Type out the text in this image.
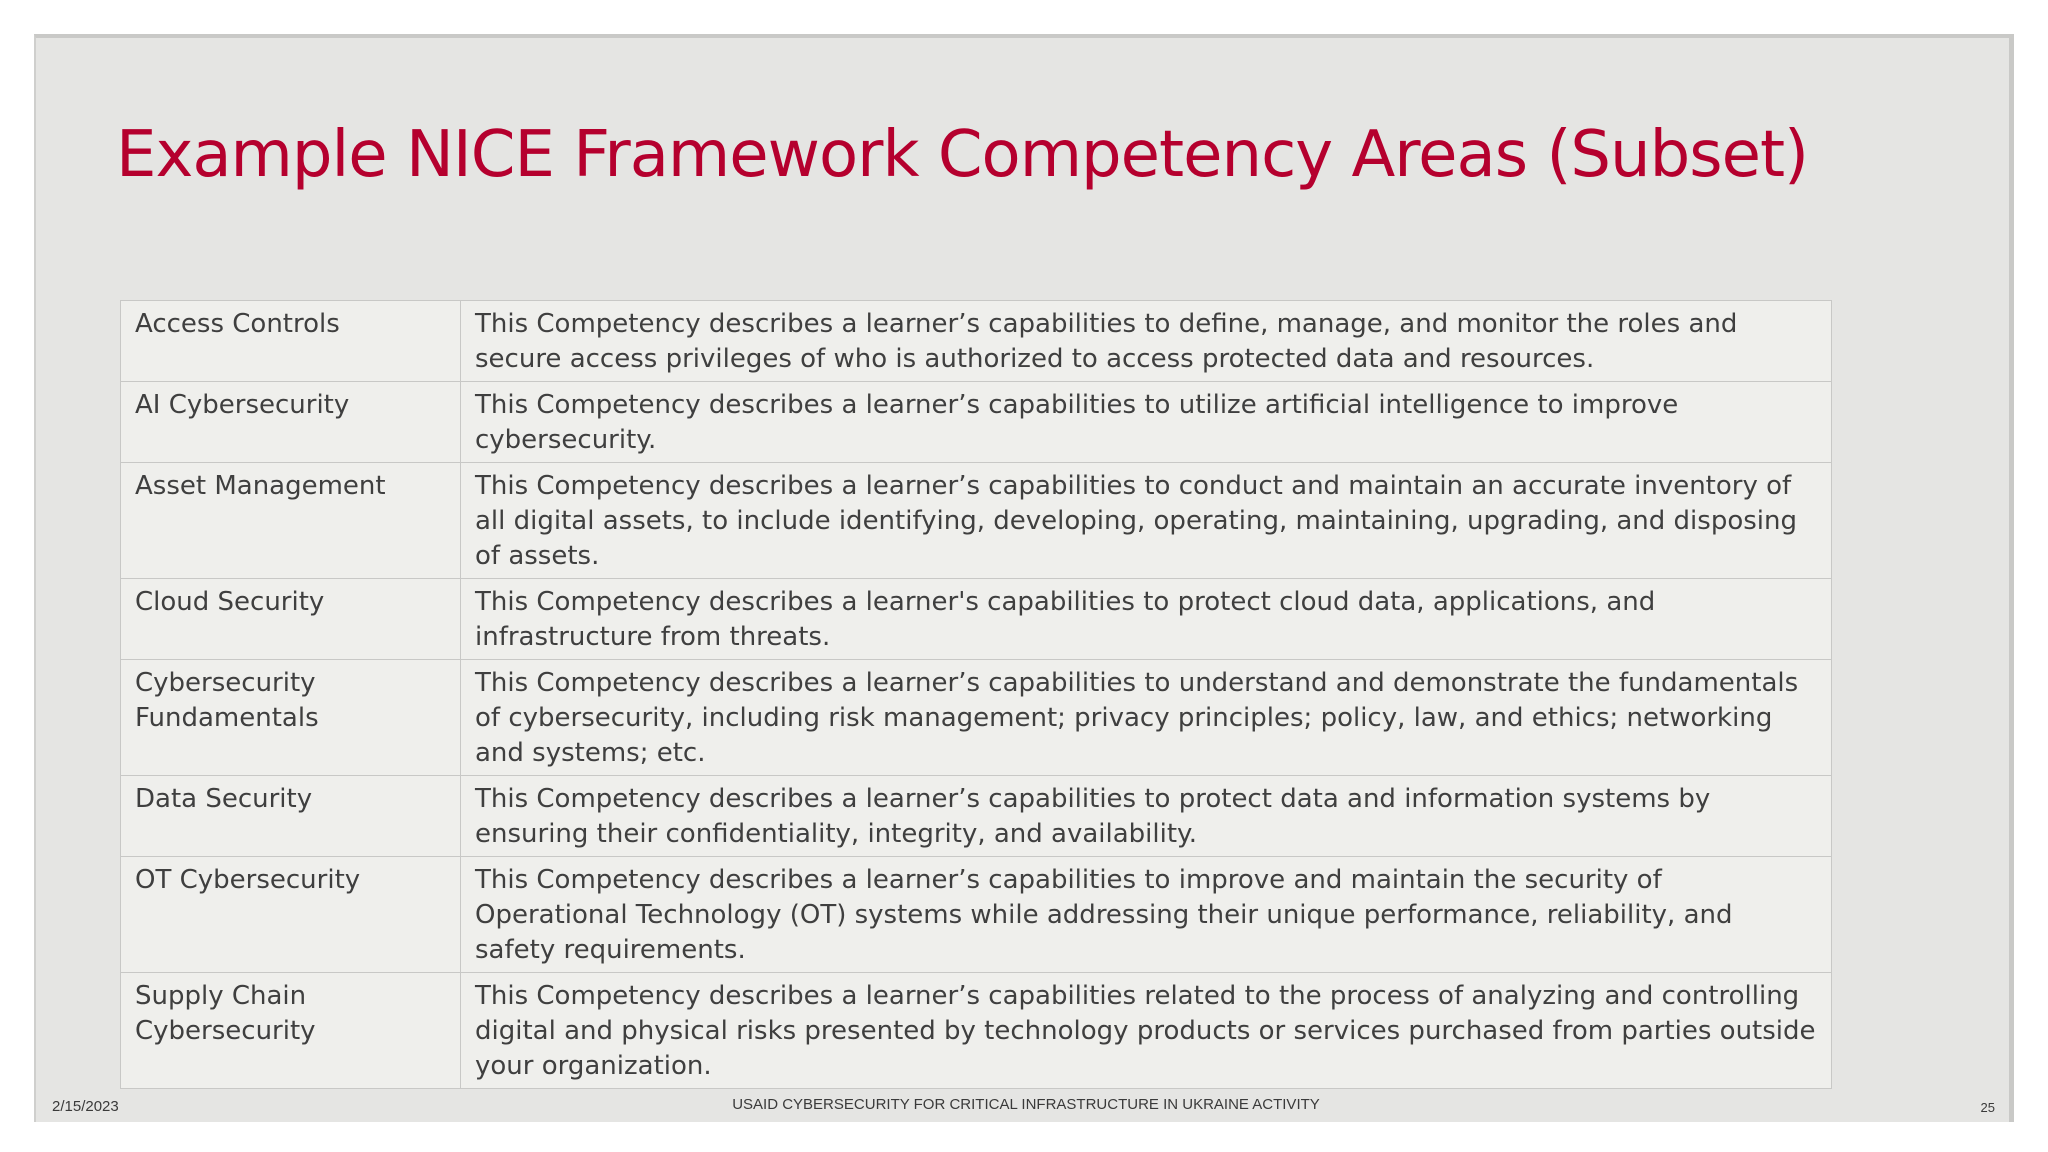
Example NICE Framework Competency Areas (Subset)
Access Controls	This Competency describes a learner’s capabilities to define, manage, and monitor the roles and secure access privileges of who is authorized to access protected data and resources.
AI Cybersecurity	This Competency describes a learner’s capabilities to utilize artificial intelligence to improve cybersecurity.
Asset Management	This Competency describes a learner’s capabilities to conduct and maintain an accurate inventory of all digital assets, to include identifying, developing, operating, maintaining, upgrading, and disposing of assets.
Cloud Security	This Competency describes a learner's capabilities to protect cloud data, applications, and infrastructure from threats.
Cybersecurity Fundamentals	This Competency describes a learner’s capabilities to understand and demonstrate the fundamentals of cybersecurity, including risk management; privacy principles; policy, law, and ethics; networking and systems; etc.
Data Security	This Competency describes a learner’s capabilities to protect data and information systems by ensuring their confidentiality, integrity, and availability.
OT Cybersecurity	This Competency describes a learner’s capabilities to improve and maintain the security of Operational Technology (OT) systems while addressing their unique performance, reliability, and safety requirements.
Supply Chain Cybersecurity	This Competency describes a learner’s capabilities related to the process of analyzing and controlling digital and physical risks presented by technology products or services purchased from parties outside your organization.
2/15/2023	USAID CYBERSECURITY FOR CRITICAL INFRASTRUCTURE IN UKRAINE ACTIVITY	25
